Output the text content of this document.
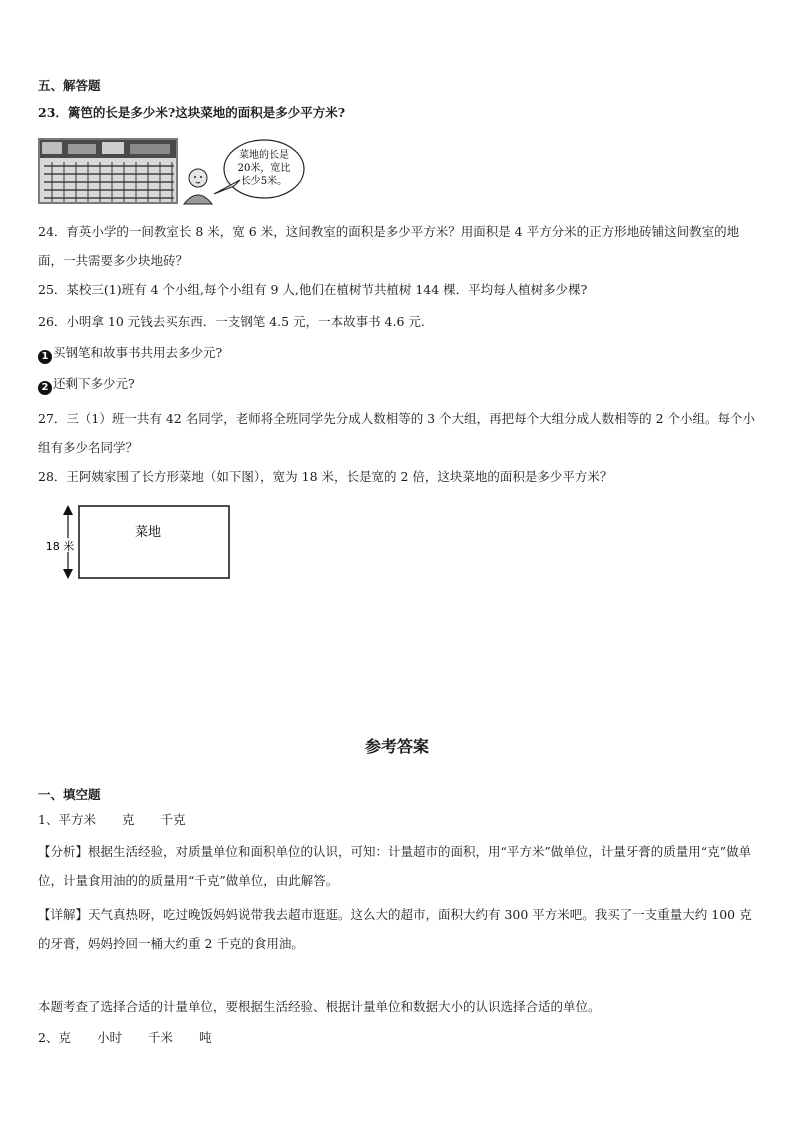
五、解答题
23．篱笆的长是多少米?这块菜地的面积是多少平方米?
菜地的长是
20米，宽比
长少5米。
24．育英小学的一间教室长 8 米，宽 6 米，这间教室的面积是多少平方米？用面积是 4 平方分米的正方形地砖铺这间教室的地面，一共需要多少块地砖？
25．某校三(1)班有 4 个小组,每个小组有 9 人,他们在植树节共植树 144 棵．平均每人植树多少棵?
26．小明拿 10 元钱去买东西．一支钢笔 4.5 元，一本故事书 4.6 元.
1 买钢笔和故事书共用去多少元?
2 还剩下多少元?
27．三（1）班一共有 42 名同学，老师将全班同学先分成人数相等的 3 个大组，再把每个大组分成人数相等的 2 个小组。每个小组有多少名同学？
28．王阿姨家围了长方形菜地（如下图），宽为 18 米，长是宽的 2 倍，这块菜地的面积是多少平方米？
菜地
18 米
参考答案
一、填空题
1、平方米 克 千克
【分析】根据生活经验，对质量单位和面积单位的认识，可知：计量超市的面积，用“平方米”做单位，计量牙膏的质量用“克”做单位，计量食用油的的质量用“千克”做单位，由此解答。
【详解】天气真热呀，吃过晚饭妈妈说带我去超市逛逛。这么大的超市，面积大约有 300 平方米吧。我买了一支重量大约 100 克的牙膏，妈妈拎回一桶大约重 2 千克的食用油。
本题考查了选择合适的计量单位，要根据生活经验、根据计量单位和数据大小的认识选择合适的单位。
2、克 小时 千米 吨
